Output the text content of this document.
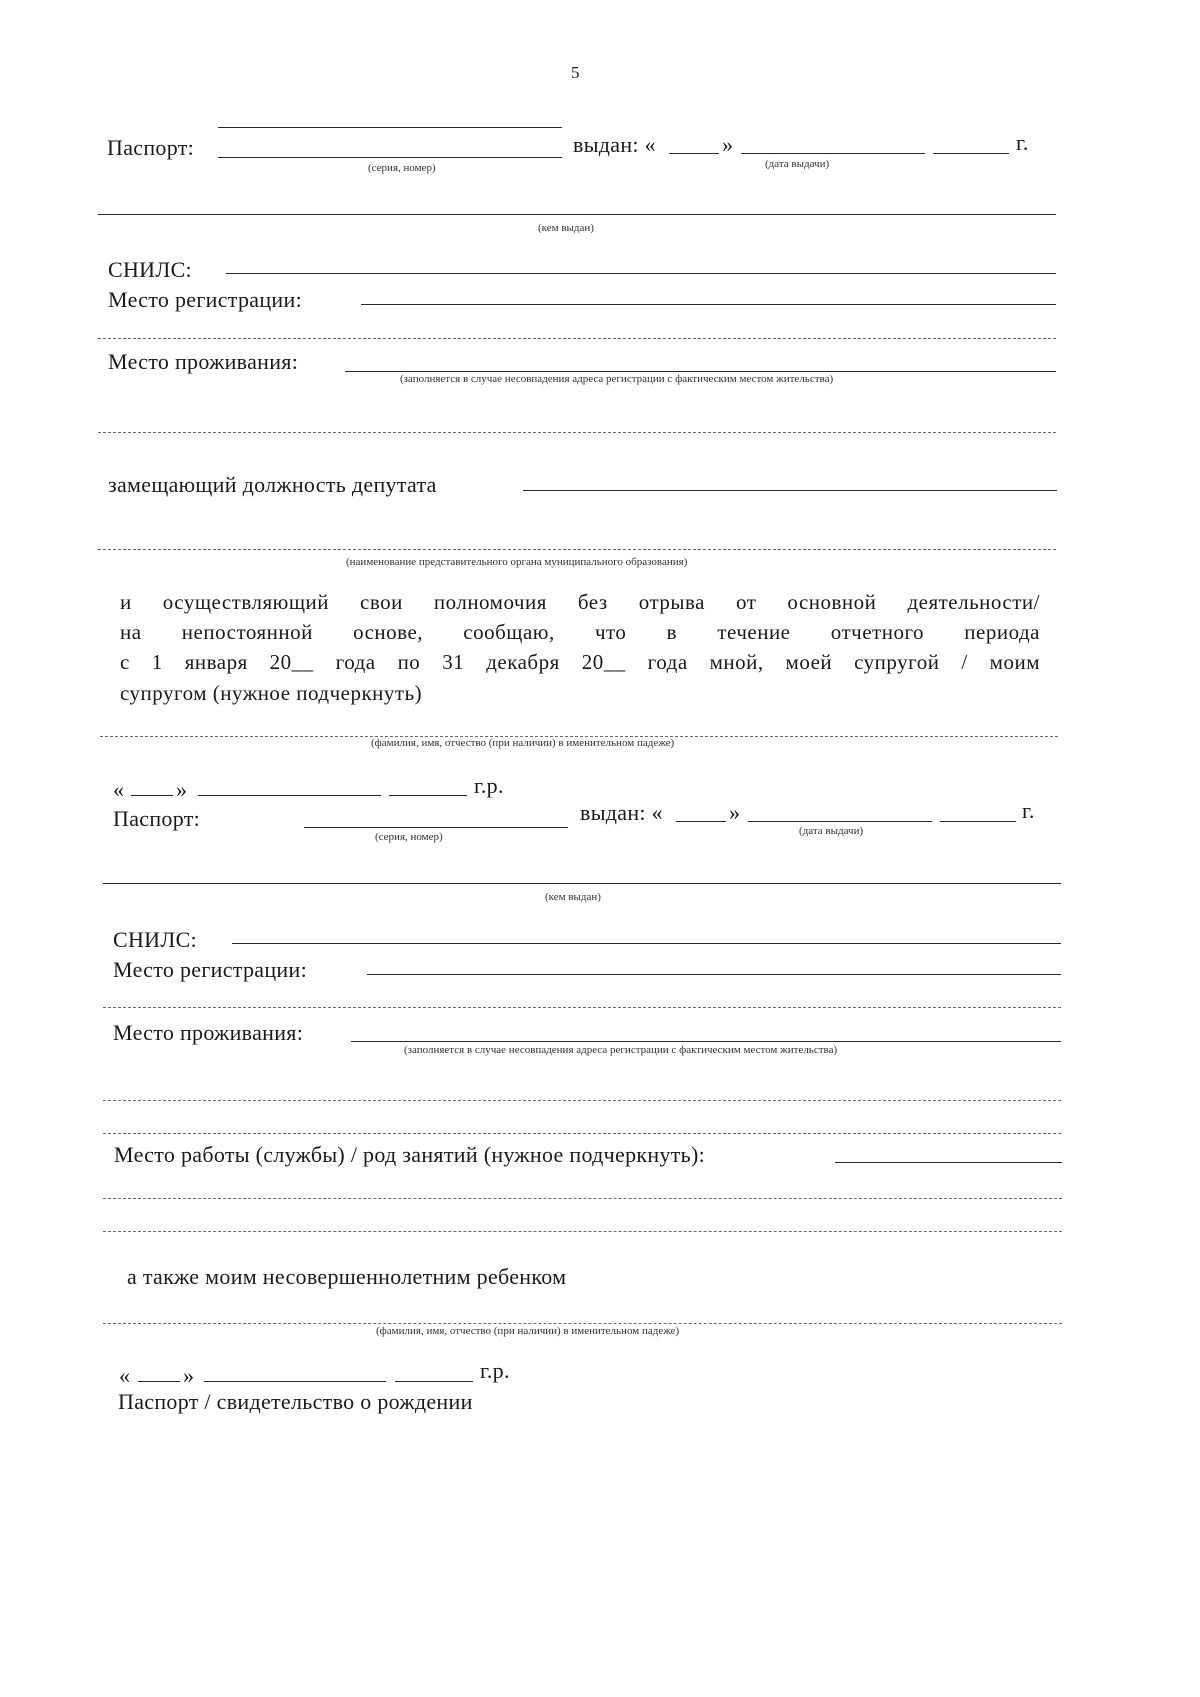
5
Паспорт:
(серия, номер)
выдан: «	»	г.
(дата выдачи)
(кем выдан)
СНИЛС:
Место регистрации:
Место проживания:
(заполняется в случае несовпадения адреса регистрации с фактическим местом жительства)
замещающий должность депутата
(наименование представительного органа муниципального образования)
и осуществляющий свои полномочия без отрыва от основной деятельности/
на непостоянной основе, сообщаю, что в течение отчетного периода
с 1 января 20__ года по 31 декабря 20__ года мной, моей супругой / моим
супругом (нужное подчеркнуть)
(фамилия, имя, отчество (при наличии) в именительном падеже)
« »	г.р.
Паспорт:
(серия, номер)
выдан: «	»	г.
(дата выдачи)
(кем выдан)
СНИЛС:
Место регистрации:
Место проживания:
(заполняется в случае несовпадения адреса регистрации с фактическим местом жительства)
Место работы (службы) / род занятий (нужное подчеркнуть):
а также моим несовершеннолетним ребенком
(фамилия, имя, отчество (при наличии) в именительном падеже)
« »	г.р.
Паспорт / свидетельство о рождении
